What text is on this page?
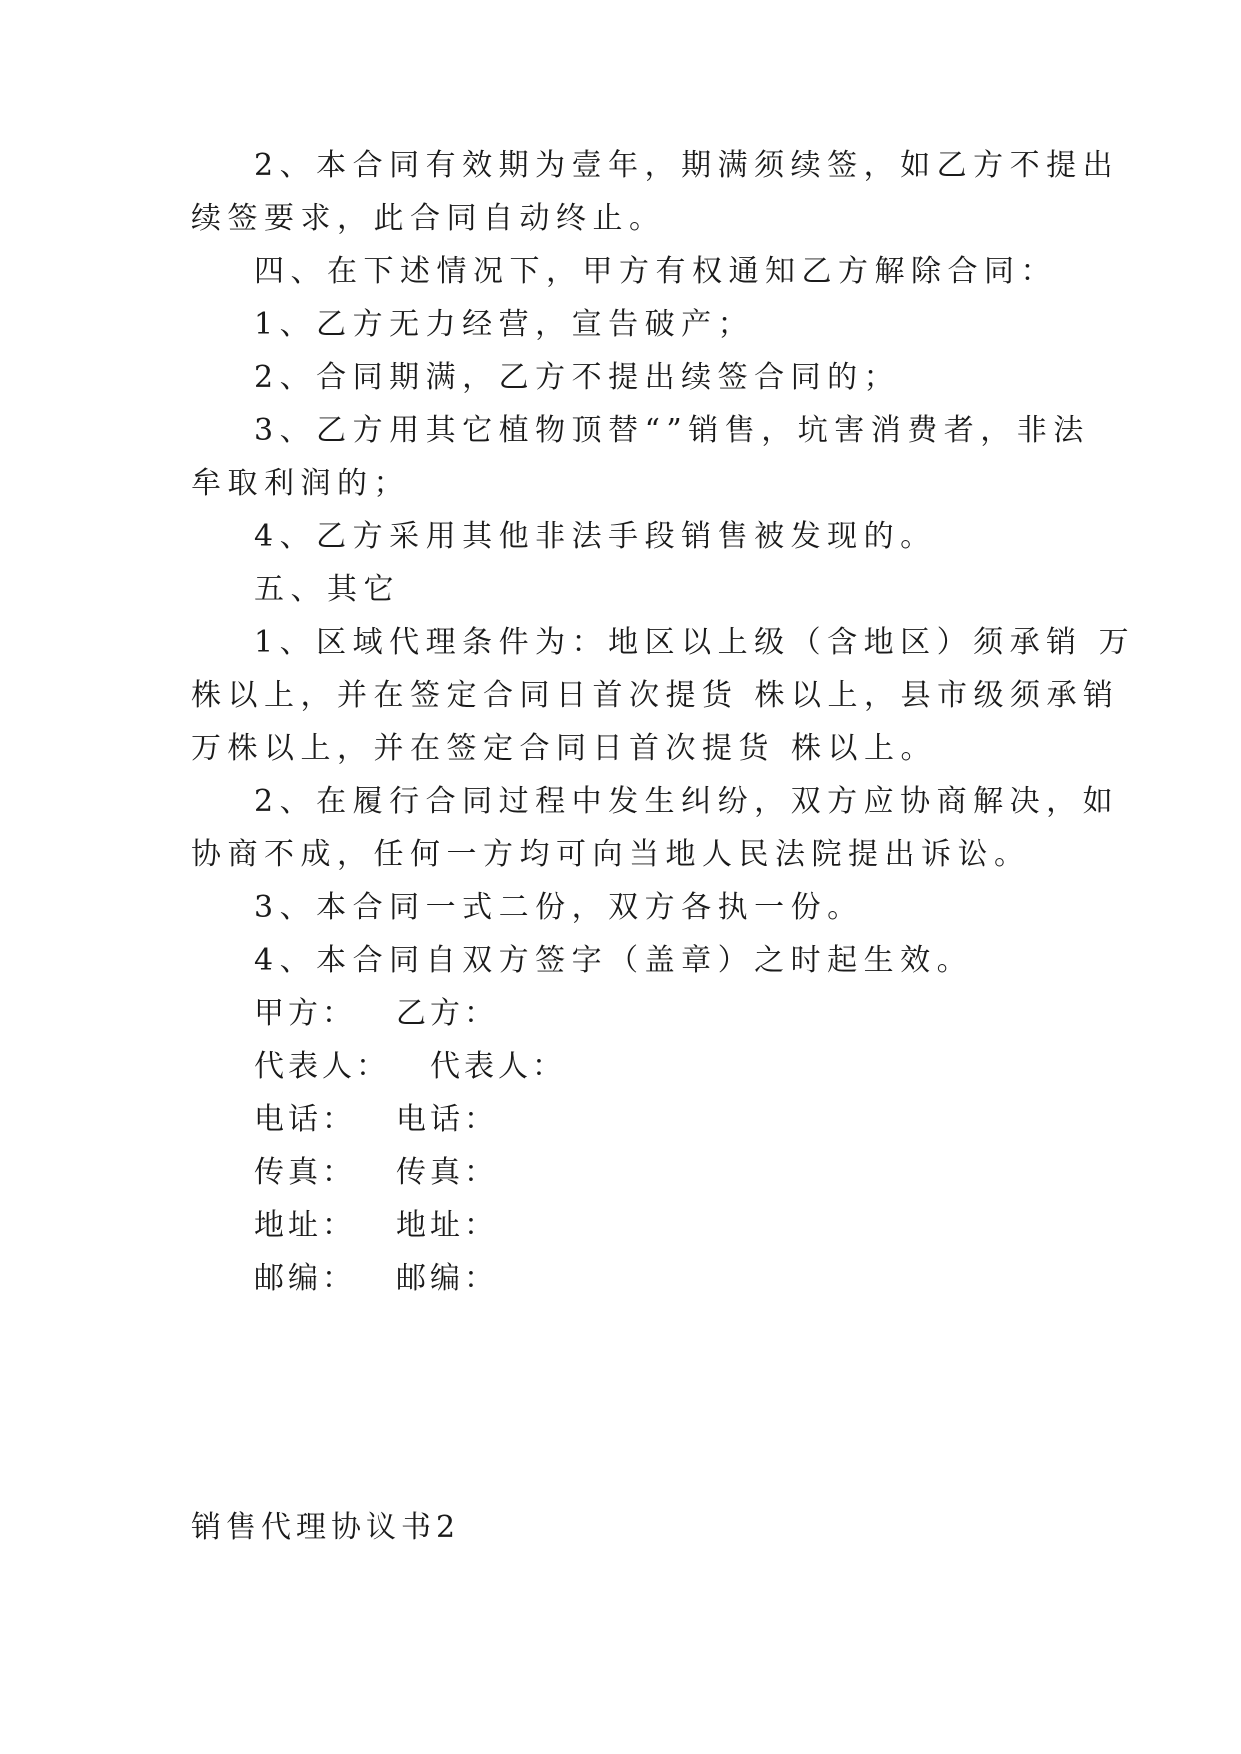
2、本合同有效期为壹年，期满须续签，如乙方不提出
续签要求，此合同自动终止。
四、在下述情况下，甲方有权通知乙方解除合同：
1、乙方无力经营，宣告破产；
2、合同期满，乙方不提出续签合同的；
3、乙方用其它植物顶替“”销售，坑害消费者，非法
牟取利润的；
4、乙方采用其他非法手段销售被发现的。
五、其它
1、区域代理条件为：地区以上级（含地区）须承销 万
株以上，并在签定合同日首次提货 株以上，县市级须承销
万株以上，并在签定合同日首次提货 株以上。
2、在履行合同过程中发生纠纷，双方应协商解决，如
协商不成，任何一方均可向当地人民法院提出诉讼。
3、本合同一式二份，双方各执一份。
4、本合同自双方签字（盖章）之时起生效。
甲方： 乙方：
代表人： 代表人：
电话： 电话：
传真： 传真：
地址： 地址：
邮编： 邮编：
销售代理协议书2
